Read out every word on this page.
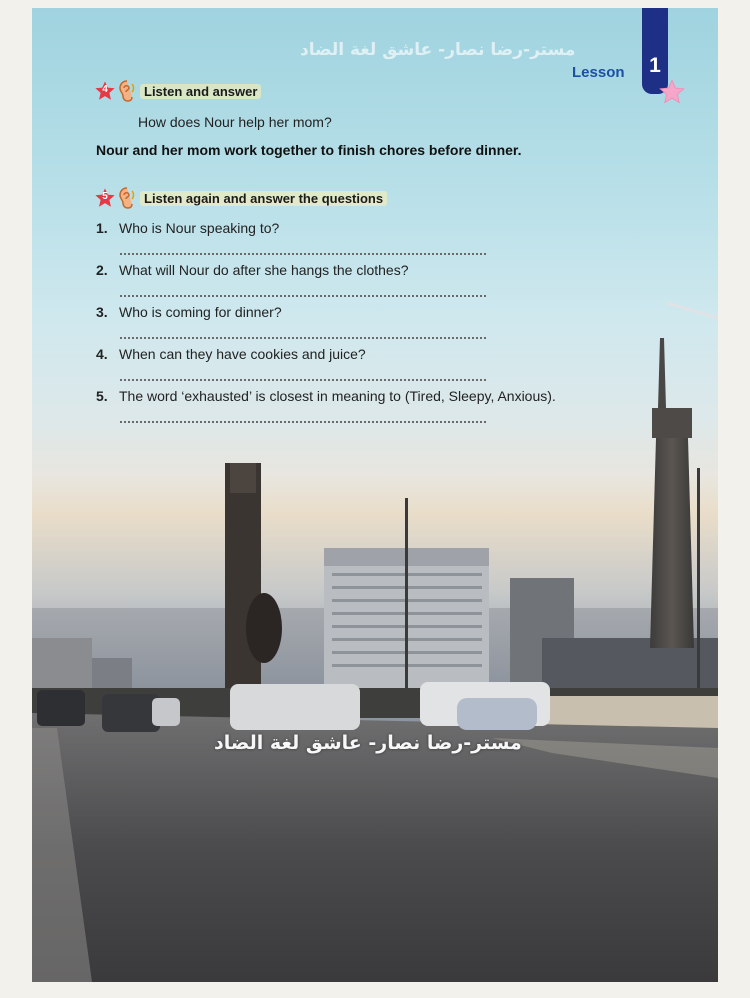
مستر-رضا نصار- عاشق لغة الضاد
مستر-رضا نصار- عاشق لغة الضاد
1
Lesson
4	Listen and answer
How does Nour help her mom?
Nour and her mom work together to finish chores before dinner.
5	Listen again and answer the questions
1. Who is Nour speaking to?
2. What will Nour do after she hangs the clothes?
3. Who is coming for dinner?
4. When can they have cookies and juice?
5. The word ‘exhausted’ is closest in meaning to (Tired, Sleepy, Anxious).
